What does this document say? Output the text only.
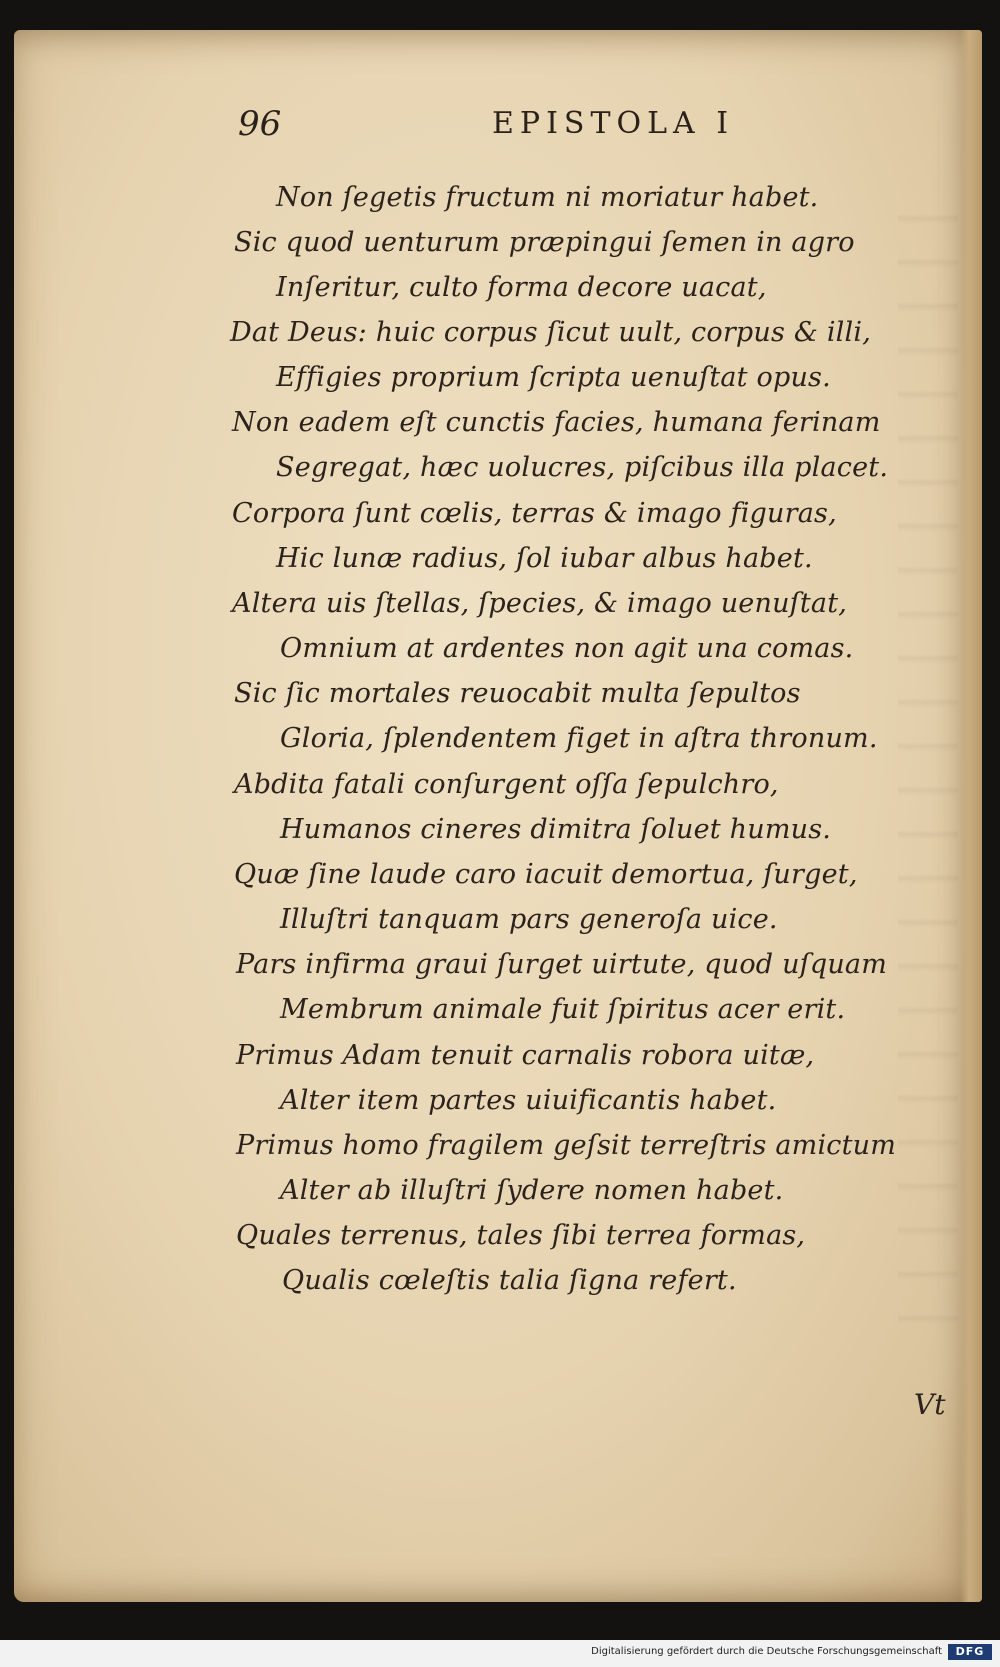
96	EPISTOLA I
Non ſegetis fructum ni moriatur habet.
Sic quod uenturum præpingui ſemen in agro
Inſeritur, culto forma decore uacat,
Dat Deus: huic corpus ſicut uult, corpus & illi,
Effigies proprium ſcripta uenuſtat opus.
Non eadem eſt cunctis facies, humana ferinam
Segregat, hæc uolucres, piſcibus illa placet.
Corpora ſunt cœlis, terras & imago figuras,
Hic lunæ radius, ſol iubar albus habet.
Altera uis ſtellas, ſpecies, & imago uenuſtat,
Omnium at ardentes non agit una comas.
Sic ſic mortales reuocabit multa ſepultos
Gloria, ſplendentem figet in aſtra thronum.
Abdita fatali conſurgent oſſa ſepulchro,
Humanos cineres dimitra ſoluet humus.
Quæ ſine laude caro iacuit demortua, ſurget,
Illuſtri tanquam pars generoſa uice.
Pars infirma graui ſurget uirtute, quod uſquam
Membrum animale fuit ſpiritus acer erit.
Primus Adam tenuit carnalis robora uitæ,
Alter item partes uiuificantis habet.
Primus homo fragilem geſsit terreſtris amictum
Alter ab illuſtri ſydere nomen habet.
Quales terrenus, tales ſibi terrea formas,
Qualis cœleſtis talia ſigna refert.
Vt
Digitalisierung gefördert durch die Deutsche Forschungsgemeinschaft	DFG
